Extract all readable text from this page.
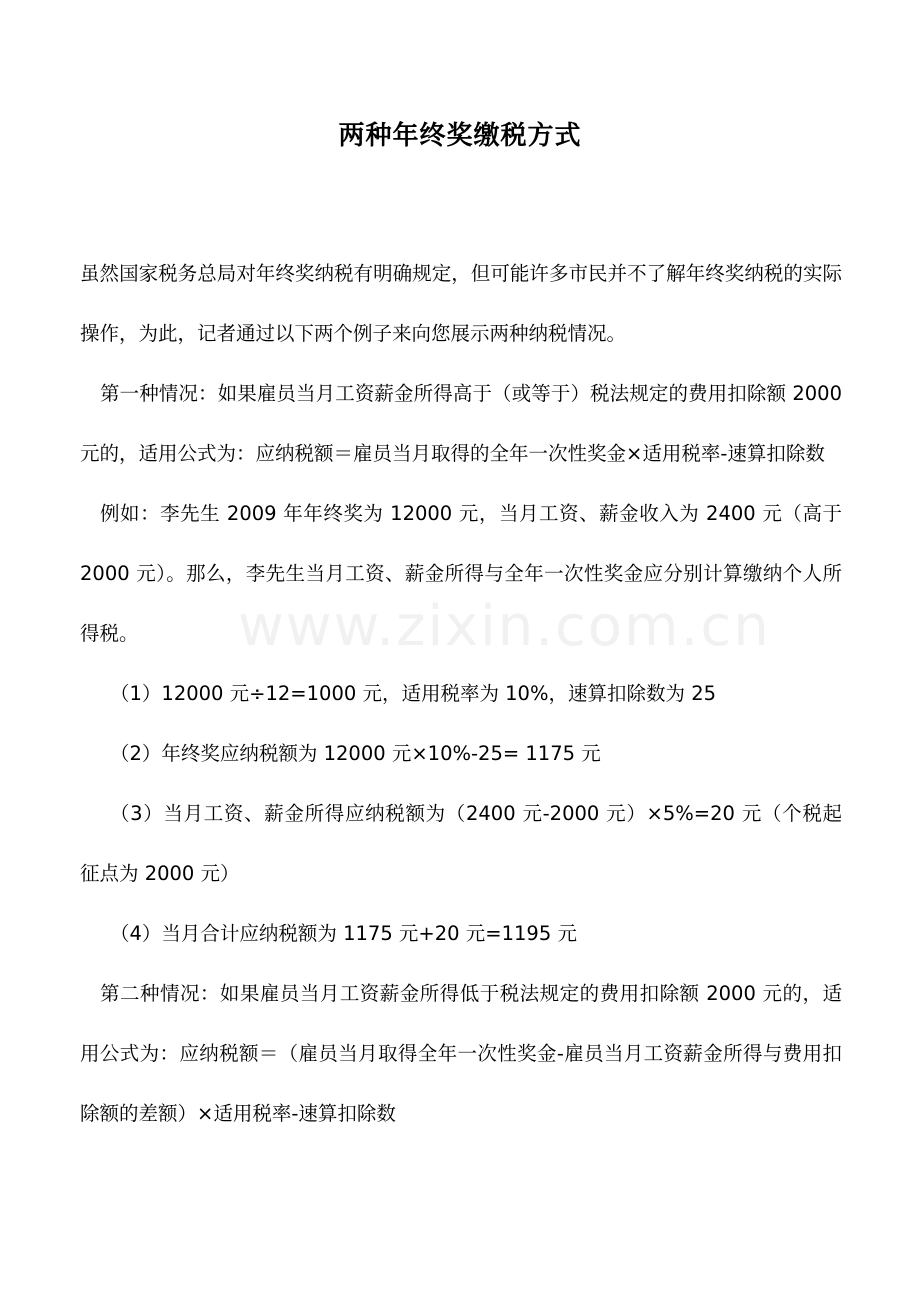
www.zixin.com.cn
两种年终奖缴税方式

虽然国家税务总局对年终奖纳税有明确规定，但可能许多市民并不了解年终奖纳税的实际操作，为此，记者通过以下两个例子来向您展示两种纳税情况。

第一种情况：如果雇员当月工资薪金所得高于（或等于）税法规定的费用扣除额 2000 元的，适用公式为：应纳税额＝雇员当月取得的全年一次性奖金×适用税率-速算扣除数

例如：李先生 2009 年年终奖为 12000 元，当月工资、薪金收入为 2400 元（高于 2000 元）。那么，李先生当月工资、薪金所得与全年一次性奖金应分别计算缴纳个人所得税。

（1）12000 元÷12=1000 元，适用税率为 10%，速算扣除数为 25

（2）年终奖应纳税额为 12000 元×10%-25= 1175 元

（3）当月工资、薪金所得应纳税额为（2400 元-2000 元）×5%=20 元（个税起征点为 2000 元）

（4）当月合计应纳税额为 1175 元+20 元=1195 元

第二种情况：如果雇员当月工资薪金所得低于税法规定的费用扣除额 2000 元的，适用公式为：应纳税额＝（雇员当月取得全年一次性奖金-雇员当月工资薪金所得与费用扣除额的差额）×适用税率-速算扣除数
